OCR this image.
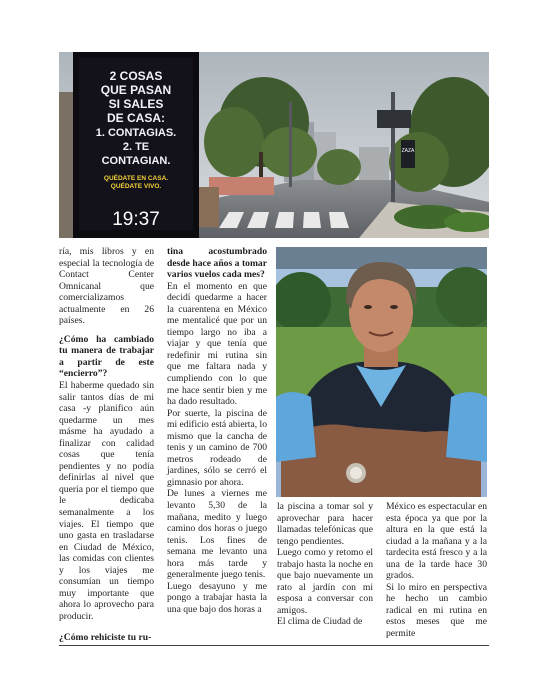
ZAZA
2 COSAS
QUE PASAN
SI SALES
DE CASA:
1. CONTAGIAS.
2. TE
CONTAGIAN.
QUÉDATE EN CASA.
QUÉDATE VIVO.
19:37

ría, mis libros y en especial la tecnología de Contact Center Omnicanal que comercializamos actualmente en 26 países.

¿Cómo ha cambiado tu manera de trabajar a partir de este “encierro”?

El haberme quedado sin salir tantos días de mi casa -y planifico aún quedarme un mes másme ha ayudado a finalizar con calidad cosas que tenía pendientes y no podía definirlas al nivel que quería por el tiempo que le dedicaba semanalmente a los viajes. El tiempo que uno gasta en trasladarse en Ciudad de México, las comidas con clientes y los viajes me consumían un tiempo muy importante que ahora lo aprovecho para producir.

¿Cómo rehiciste tu ru-

tina acostumbrado desde hace años a tomar varios vuelos cada mes?

En el momento en que decidí quedarme a hacer la cuarentena en México me mentalicé que por un tiempo largo no iba a viajar y que tenía que redefinir mi rutina sin que me faltara nada y cumpliendo con lo que me hace sentir bien y me ha dado resultado.

Por suerte, la piscina de mi edificio está abierta, lo mismo que la cancha de tenis y un camino de 700 metros rodeado de jardines, sólo se cerró el gimnasio por ahora.

De lunes a viernes me levanto 5,30 de la mañana, medito y luego camino dos horas o juego tenis. Los fines de semana me levanto una hora más tarde y generalmente juego tenis.

Luego desayuno y me pongo a trabajar hasta la una que bajo dos horas a

la piscina a tomar sol y aprovechar para hacer llamadas telefónicas que tengo pendientes.

Luego como y retomo el trabajo hasta la noche en que bajo nuevamente un rato al jardín con mi esposa a conversar con amigos.

El clima de Ciudad de

México es espectacular en esta época ya que por la altura en la que está la ciudad a la mañana y a la tardecita está fresco y a la una de la tarde hace 30 grados.

Si lo miro en perspectiva he hecho un cambio radical en mi rutina en estos meses que me permite
